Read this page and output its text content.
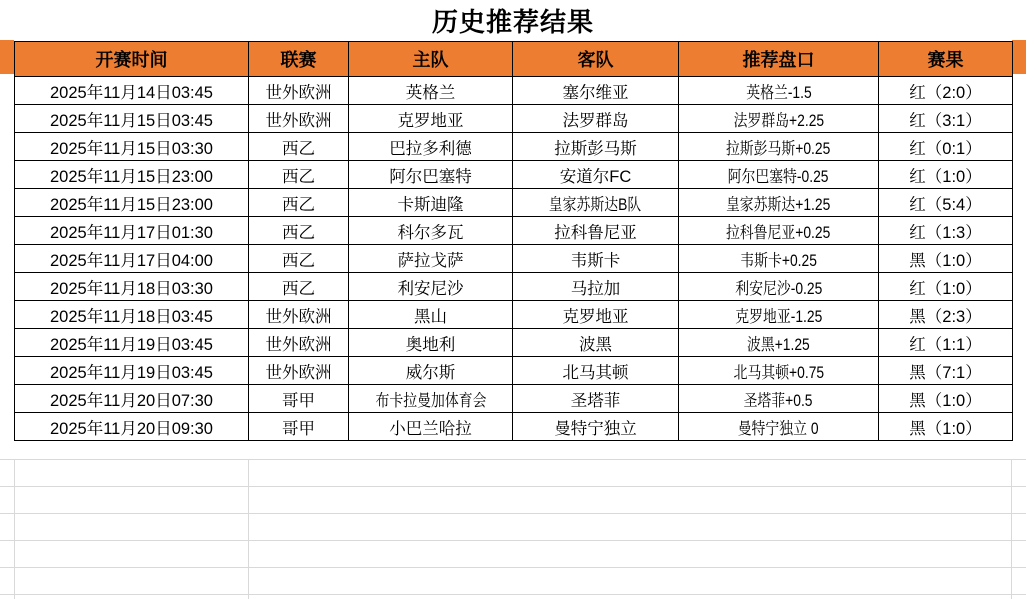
历史推荐结果
开赛时间	联赛	主队	客队	推荐盘口	赛果
2025年11月14日03:45	世外欧洲	英格兰	塞尔维亚	英格兰-1.5	红（2:0）
2025年11月15日03:45	世外欧洲	克罗地亚	法罗群岛	法罗群岛+2.25	红（3:1）
2025年11月15日03:30	西乙	巴拉多利德	拉斯彭马斯	拉斯彭马斯+0.25	红（0:1）
2025年11月15日23:00	西乙	阿尔巴塞特	安道尔FC	阿尔巴塞特-0.25	红（1:0）
2025年11月15日23:00	西乙	卡斯迪隆	皇家苏斯达B队	皇家苏斯达+1.25	红（5:4）
2025年11月17日01:30	西乙	科尔多瓦	拉科鲁尼亚	拉科鲁尼亚+0.25	红（1:3）
2025年11月17日04:00	西乙	萨拉戈萨	韦斯卡	韦斯卡+0.25	黑（1:0）
2025年11月18日03:30	西乙	利安尼沙	马拉加	利安尼沙-0.25	红（1:0）
2025年11月18日03:45	世外欧洲	黑山	克罗地亚	克罗地亚-1.25	黑（2:3）
2025年11月19日03:45	世外欧洲	奥地利	波黑	波黑+1.25	红（1:1）
2025年11月19日03:45	世外欧洲	威尔斯	北马其顿	北马其顿+0.75	黑（7:1）
2025年11月20日07:30	哥甲	布卡拉曼加体育会	圣塔菲	圣塔菲+0.5	黑（1:0）
2025年11月20日09:30	哥甲	小巴兰哈拉	曼特宁独立	曼特宁独立 0	黑（1:0）
